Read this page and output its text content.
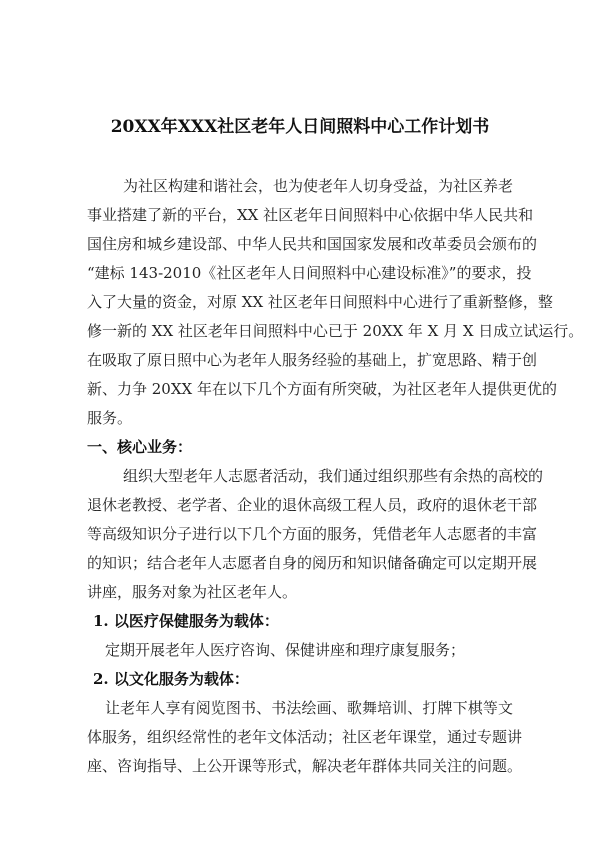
20XX年XXX社区老年人日间照料中心工作计划书
为社区构建和谐社会，也为使老年人切身受益，为社区养老
事业搭建了新的平台，XX 社区老年日间照料中心依据中华人民共和
国住房和城乡建设部、中华人民共和国国家发展和改革委员会颁布的
“建标 143-2010《社区老年人日间照料中心建设标准》”的要求，投
入了大量的资金，对原 XX 社区老年日间照料中心进行了重新整修，整
修一新的 XX 社区老年日间照料中心已于 20XX 年 X 月 X 日成立试运行。
在吸取了原日照中心为老年人服务经验的基础上，扩宽思路、精于创
新、力争 20XX 年在以下几个方面有所突破，为社区老年人提供更优的
服务。
一、核心业务：
组织大型老年人志愿者活动，我们通过组织那些有余热的高校的
退休老教授、老学者、企业的退休高级工程人员，政府的退休老干部
等高级知识分子进行以下几个方面的服务，凭借老年人志愿者的丰富
的知识；结合老年人志愿者自身的阅历和知识储备确定可以定期开展
讲座，服务对象为社区老年人。
1. 以医疗保健服务为载体：
定期开展老年人医疗咨询、保健讲座和理疗康复服务；
2. 以文化服务为载体：
让老年人享有阅览图书、书法绘画、歌舞培训、打牌下棋等文
体服务，组织经常性的老年文体活动；社区老年课堂，通过专题讲
座、咨询指导、上公开课等形式，解决老年群体共同关注的问题。
